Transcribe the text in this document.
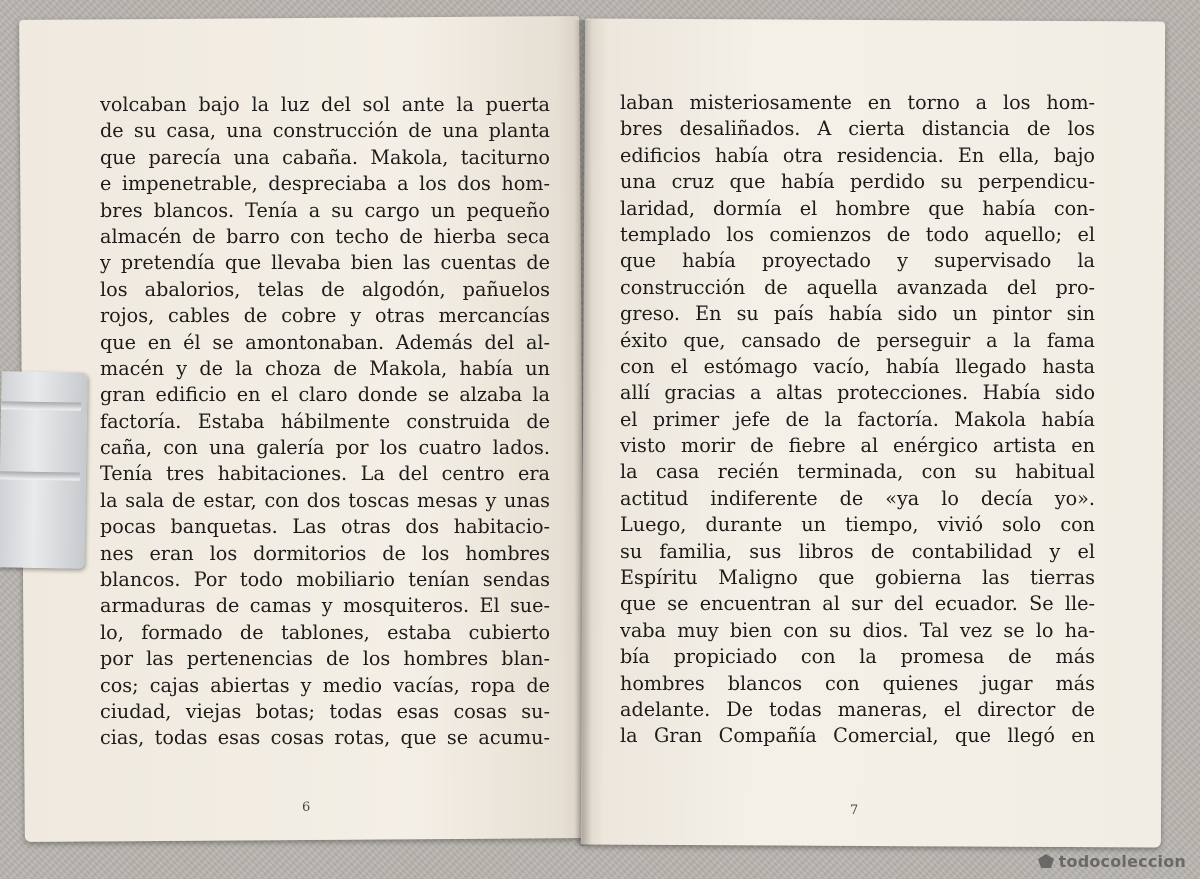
volcaban bajo la luz del sol ante la puerta
de su casa, una construcción de una planta
que parecía una cabaña. Makola, taciturno
e impenetrable, despreciaba a los dos hom-
bres blancos. Tenía a su cargo un pequeño
almacén de barro con techo de hierba seca
y pretendía que llevaba bien las cuentas de
los abalorios, telas de algodón, pañuelos
rojos, cables de cobre y otras mercancías
que en él se amontonaban. Además del al-
macén y de la choza de Makola, había un
gran edificio en el claro donde se alzaba la
factoría. Estaba hábilmente construida de
caña, con una galería por los cuatro lados.
Tenía tres habitaciones. La del centro era
la sala de estar, con dos toscas mesas y unas
pocas banquetas. Las otras dos habitacio-
nes eran los dormitorios de los hombres
blancos. Por todo mobiliario tenían sendas
armaduras de camas y mosquiteros. El sue-
lo, formado de tablones, estaba cubierto
por las pertenencias de los hombres blan-
cos; cajas abiertas y medio vacías, ropa de
ciudad, viejas botas; todas esas cosas su-
cias, todas esas cosas rotas, que se acumu-
laban misteriosamente en torno a los hom-
bres desaliñados. A cierta distancia de los
edificios había otra residencia. En ella, bajo
una cruz que había perdido su perpendicu-
laridad, dormía el hombre que había con-
templado los comienzos de todo aquello; el
que había proyectado y supervisado la
construcción de aquella avanzada del pro-
greso. En su país había sido un pintor sin
éxito que, cansado de perseguir a la fama
con el estómago vacío, había llegado hasta
allí gracias a altas protecciones. Había sido
el primer jefe de la factoría. Makola había
visto morir de fiebre al enérgico artista en
la casa recién terminada, con su habitual
actitud indiferente de «ya lo decía yo».
Luego, durante un tiempo, vivió solo con
su familia, sus libros de contabilidad y el
Espíritu Maligno que gobierna las tierras
que se encuentran al sur del ecuador. Se lle-
vaba muy bien con su dios. Tal vez se lo ha-
bía propiciado con la promesa de más
hombres blancos con quienes jugar más
adelante. De todas maneras, el director de
la Gran Compañía Comercial, que llegó en
6	7
todocoleccion
